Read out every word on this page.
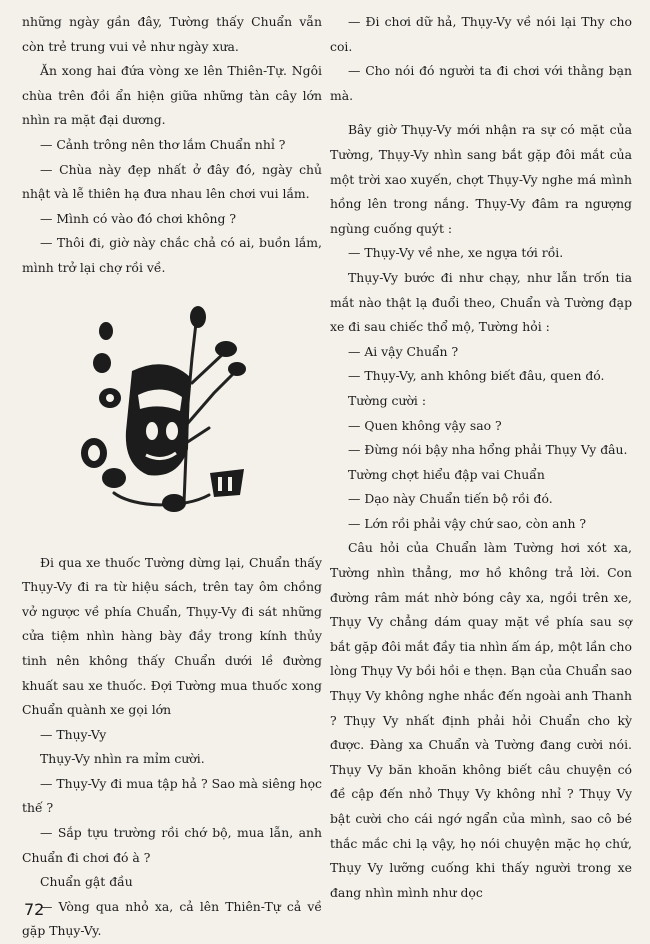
những ngày gần đây, Tường thấy Chuẩn vẫn còn trẻ trung vui vẻ như ngày xưa.

Ăn xong hai đứa vòng xe lên Thiên-Tự. Ngôi chùa trên đồi ẩn hiện giữa những tàn cây lớn nhìn ra mặt đại dương.

— Cảnh trông nên thơ lắm Chuẩn nhỉ ?

— Chùa này đẹp nhất ở đây đó, ngày chủ nhật và lễ thiên hạ đưa nhau lên chơi vui lắm.

— Mình có vào đó chơi không ?

— Thôi đi, giờ này chắc chả có ai, buồn lắm, mình trở lại chợ rồi về.

Đi qua xe thuốc Tường dừng lại, Chuẩn thấy Thụy-Vy đi ra từ hiệu sách, trên tay ôm chồng vở ngược về phía Chuẩn, Thụy-Vy đi sát những cửa tiệm nhìn hàng bày đầy trong kính thủy tinh nên không thấy Chuẩn dưới lề đường khuất sau xe thuốc. Đợi Tường mua thuốc xong Chuẩn quành xe gọi lớn

— Thụy-Vy

Thụy-Vy nhìn ra mỉm cười.

— Thụy-Vy đi mua tập hả ? Sao mà siêng học thế ?

— Sắp tựu trường rồi chớ bộ, mua lẫn, anh Chuẩn đi chơi đó à ?

Chuẩn gật đầu

— Vòng qua nhỏ xa, cả lên Thiên-Tự cả về gặp Thụy-Vy.

— Đi chơi dữ hả, Thụy-Vy về nói lại Thy cho coi.

— Cho nói đó người ta đi chơi với thằng bạn mà.

Bây giờ Thụy-Vy mới nhận ra sự có mặt của Tường, Thụy-Vy nhìn sang bắt gặp đôi mắt của một trời xao xuyến, chợt Thụy-Vy nghe má mình hồng lên trong nắng. Thụy-Vy đâm ra ngượng ngùng cuống quýt :

— Thụy-Vy về nhe, xe ngựa tới rồi.

Thụy-Vy bước đi như chạy, như lẫn trốn tia mắt nào thật lạ đuổi theo, Chuẩn và Tường đạp xe đi sau chiếc thổ mộ, Tường hỏi :

— Ai vậy Chuẩn ?

— Thụy-Vy, anh không biết đâu, quen đó.

Tường cười :

— Quen không vậy sao ?

— Đừng nói bậy nha hổng phải Thụy Vy đâu.

Tường chợt hiểu đập vai Chuẩn

— Dạo này Chuẩn tiến bộ rồi đó.

— Lớn rồi phải vậy chứ sao, còn anh ?

Câu hỏi của Chuẩn làm Tường hơi xót xa, Tường nhìn thẳng, mơ hồ không trả lời. Con đường râm mát nhờ bóng cây xa, ngồi trên xe, Thụy Vy chẳng dám quay mặt về phía sau sợ bắt gặp đôi mắt đầy tia nhìn ấm áp, một lần cho lòng Thụy Vy bồi hồi e thẹn. Bạn của Chuẩn sao Thụy Vy không nghe nhắc đến ngoài anh Thanh ? Thụy Vy nhất định phải hỏi Chuẩn cho kỳ được. Đàng xa Chuẩn và Tường đang cười nói. Thụy Vy băn khoăn không biết câu chuyện có đề cập đến nhỏ Thụy Vy không nhỉ ? Thụy Vy bật cười cho cái ngớ ngẩn của mình, sao cô bé thắc mắc chi lạ vậy, họ nói chuyện mặc họ chứ, Thụy Vy lưỡng cuống khi thấy người trong xe đang nhìn mình như dọc

72
